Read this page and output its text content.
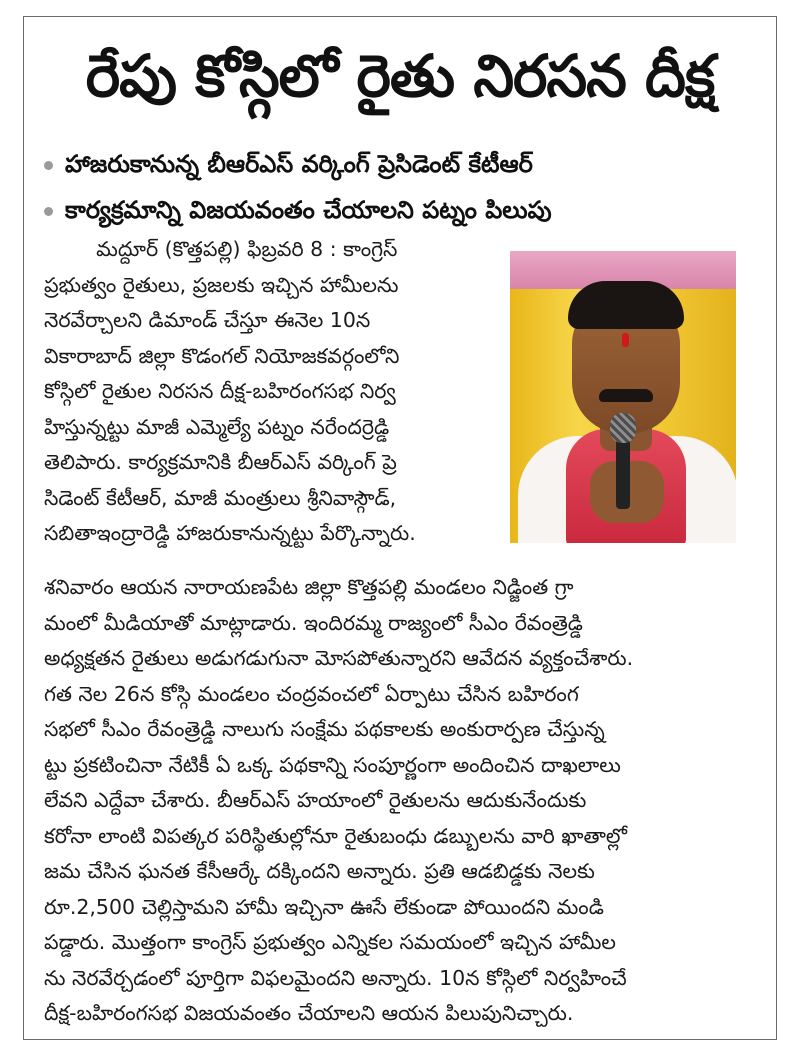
రేపు కోస్గిలో రైతు నిరసన దీక్ష
హాజరుకానున్న బీఆర్ఎస్ వర్కింగ్ ప్రెసిడెంట్ కేటీఆర్
కార్యక్రమాన్ని విజయవంతం చేయాలని పట్నం పిలుపు
మద్దూర్ (కొత్తపల్లి) ఫిబ్రవరి 8 : కాంగ్రెస్
ప్రభుత్వం రైతులు, ప్రజలకు ఇచ్చిన హామీలను
నెరవేర్చాలని డిమాండ్ చేస్తూ ఈనెల 10న
వికారాబాద్ జిల్లా కొడంగల్ నియోజకవర్గంలోని
కోస్గిలో రైతుల నిరసన దీక్ష-బహిరంగసభ నిర్వ
హిస్తున్నట్టు మాజీ ఎమ్మెల్యే పట్నం నరేందర్రెడ్డి
తెలిపారు. కార్యక్రమానికి బీఆర్ఎస్ వర్కింగ్ ప్రె
సిడెంట్ కేటీఆర్, మాజీ మంత్రులు శ్రీనివాస్గౌడ్,
సబితాఇంద్రారెడ్డి హాజరుకానున్నట్టు పేర్కొన్నారు.
శనివారం ఆయన నారాయణపేట జిల్లా కొత్తపల్లి మండలం నిడ్జింత గ్రా
మంలో మీడియాతో మాట్లాడారు. ఇందిరమ్మ రాజ్యంలో సీఎం రేవంత్రెడ్డి
అధ్యక్షతన రైతులు అడుగడుగునా మోసపోతున్నారని ఆవేదన వ్యక్తంచేశారు.
గత నెల 26న కోస్గి మండలం చంద్రవంచలో ఏర్పాటు చేసిన బహిరంగ
సభలో సీఎం రేవంత్రెడ్డి నాలుగు సంక్షేమ పథకాలకు అంకురార్పణ చేస్తున్న
ట్టు ప్రకటించినా నేటికీ ఏ ఒక్క పథకాన్ని సంపూర్ణంగా అందించిన దాఖలాలు
లేవని ఎద్దేవా చేశారు. బీఆర్ఎస్ హయాంలో రైతులను ఆదుకునేందుకు
కరోనా లాంటి విపత్కర పరిస్థితుల్లోనూ రైతుబంధు డబ్బులను వారి ఖాతాల్లో
జమ చేసిన ఘనత కేసీఆర్కే దక్కిందని అన్నారు. ప్రతి ఆడబిడ్డకు నెలకు
రూ.2,500 చెల్లిస్తామని హామీ ఇచ్చినా ఊసే లేకుండా పోయిందని మండి
పడ్డారు. మొత్తంగా కాంగ్రెస్ ప్రభుత్వం ఎన్నికల సమయంలో ఇచ్చిన హామీల
ను నెరవేర్చడంలో పూర్తిగా విఫలమైందని అన్నారు. 10న కోస్గిలో నిర్వహించే
దీక్ష-బహిరంగసభ విజయవంతం చేయాలని ఆయన పిలుపునిచ్చారు.
